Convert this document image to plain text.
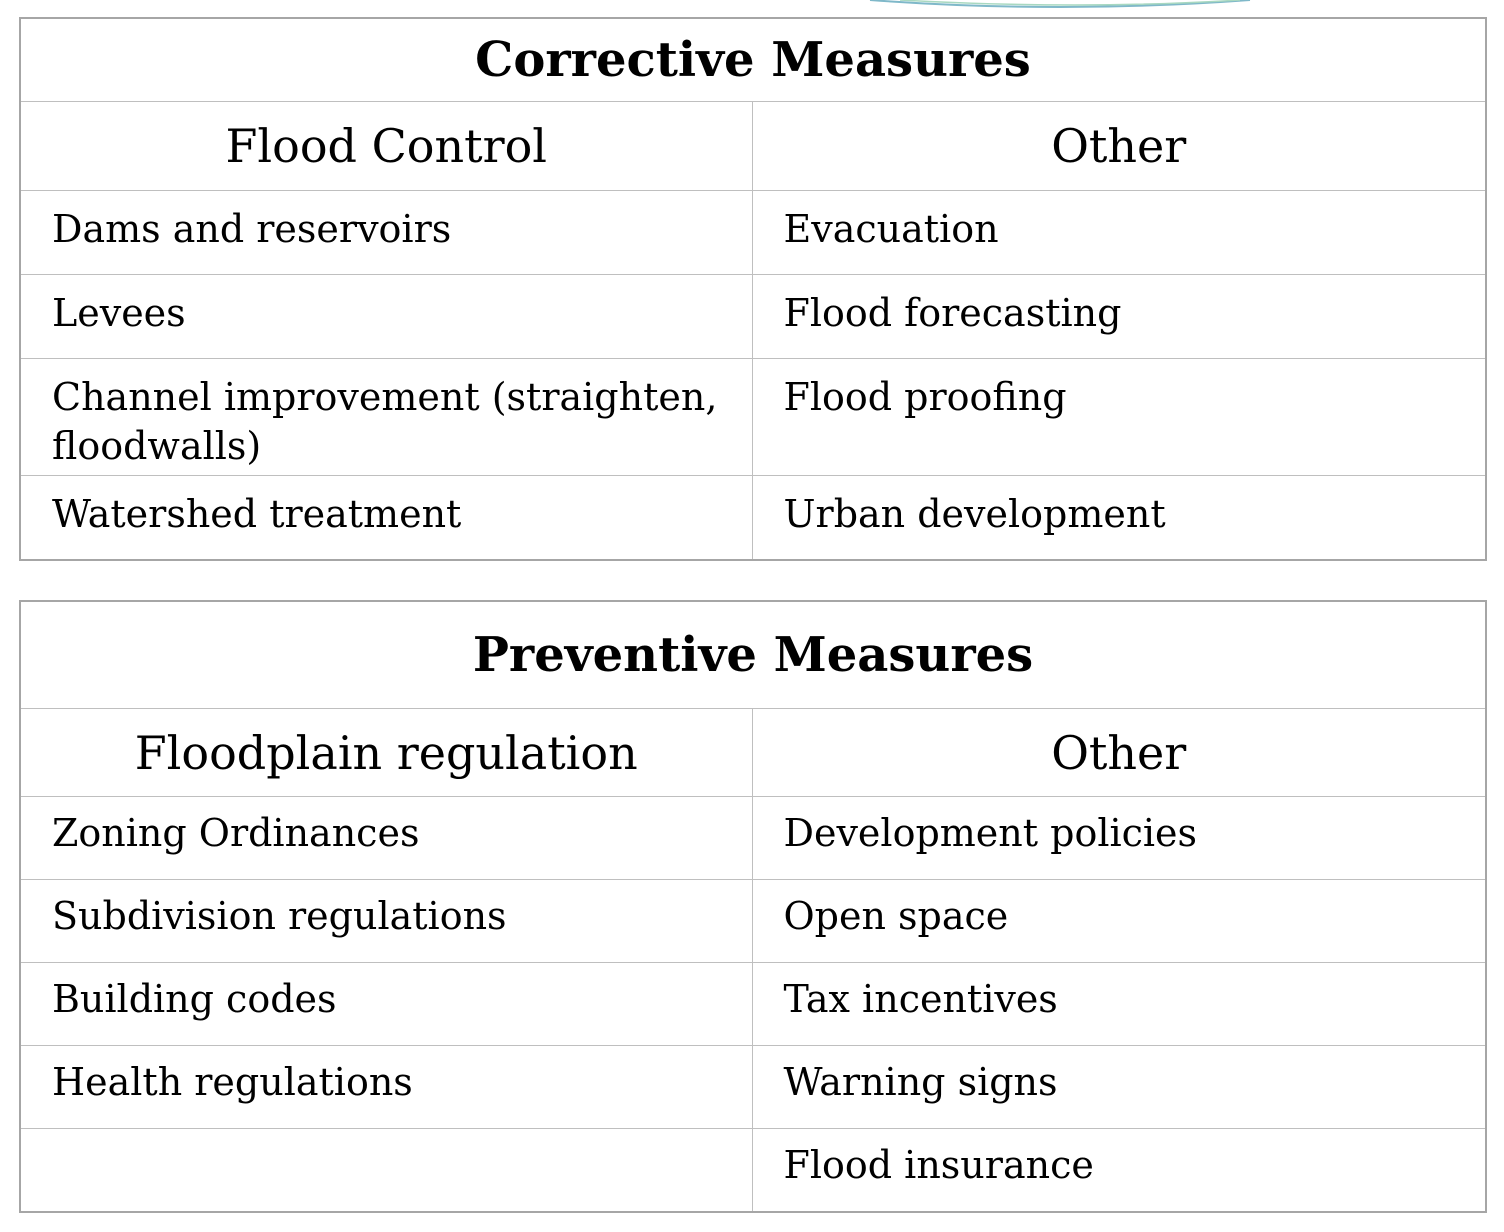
Corrective Measures	
Flood Control	Other
Dams and reservoirs	Evacuation
Levees	Flood forecasting
Channel improvement (straighten, floodwalls)	Flood proofing
Watershed treatment	Urban development
Preventive Measures	
Floodplain regulation	Other
Zoning Ordinances	Development policies
Subdivision regulations	Open space
Building codes	Tax incentives
Health regulations	Warning signs
	Flood insurance
